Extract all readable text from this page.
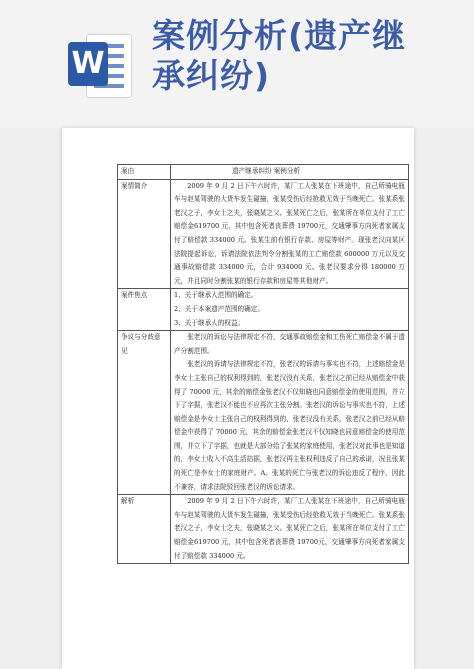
W
案例分析(遗产继
承纠纷)
案由	遗产继承纠纷 案例分析
案情简介	2009 年 9 月 2 日下午六时许，某厂工人张某在下班途中，自己所骑电瓶车与赵某驾驶的大货车发生碰撞，张某受伤后经抢救无效于当晚死亡。张某系张老汉之子，李女士之夫，张晓某之父。张某死亡之后，张某所在单位支付了工亡赔偿金619700 元，其中包含死者丧葬费 19700元，交通肇事方向死者家属支付了赔偿款 334000 元。张某生前有银行存款、房屋等财产。现张老汉向某区法院提起诉讼，诉请法院依法判令分割张某的工亡赔偿款 600000 万元以及交通事故赔偿款 334000 元，合计 934000 元。张老汉要求分得 180000 万元，并且同时分割张某的银行存款和房屋等其他财产。

案件焦点	1、关于继承人范围的确定。

2、关于本案遗产范围的确定。

3、关于继承人的权益。

争议与分歧意见	张老汉的诉讼与法律规定不符，交通事故赔偿金和工伤死亡赔偿金不属于遗产分割范围。

张老汉的诉请与法律规定不符，张老汉的诉请与事实也不符，上述赔偿金是李女士主张自己的权利得到的，张老汉没有关系，张老汉之前已经从赔偿金中获得了 70000 元，其余的赔偿金张老汉不仅知晓也同意赔偿金的使用范围，并立下了字据，张老汉不能也不应再次主张分割。张老汉的诉讼与事实也不符，上述赔偿金是李女士主张自己的权利得到的，张老汉没有关系，张老汉之前已经从赔偿金中获得了 70000 元，其余的赔偿金张老汉不仅知晓也同意赔偿金的使用范围，并立下了字据，也就是大部分给了张某的家庭使用，张老汉对此事也是知道的，李女士收入不高生活拮据，张老汉再主张权利违反了自己的承诺，况且张某的死亡是李女士的家庭财产。A、张某的死亡与张老汉的诉讼违反了程序，因此不兼容，请求法院驳回张老汉的诉讼请求。

解析	2009 年 9 月 2 日下午六时许，某厂工人张某在下班途中，自己所骑电瓶车与赵某驾驶的大货车发生碰撞，张某受伤后经抢救无效于当晚死亡。张某系张老汉之子，李女士之夫，张晓某之父。张某死亡之后，张某所在单位支付了工亡赔偿金619700 元，其中包含死者丧葬费 19700元，交通肇事方向死者家属支付了赔偿款 334000 元。
